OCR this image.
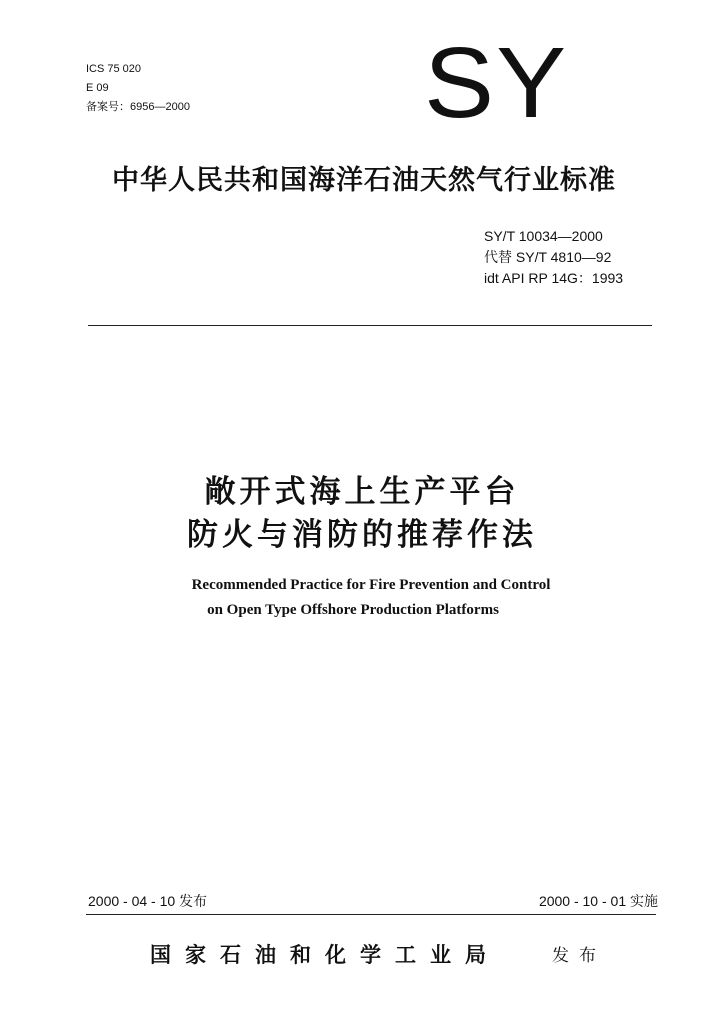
ICS 75 020
E 09
备案号：6956—2000 SY
中华人民共和国海洋石油天然气行业标准
SY/T 10034—2000
代替 SY/T 4810—92
idt API RP 14G：1993
敞开式海上生产平台
防火与消防的推荐作法
Recommended Practice for Fire Prevention and Control
on Open Type Offshore Production Platforms
2000 - 04 - 10 发布	2000 - 10 - 01 实施
国家石油和化学工业局	发布
